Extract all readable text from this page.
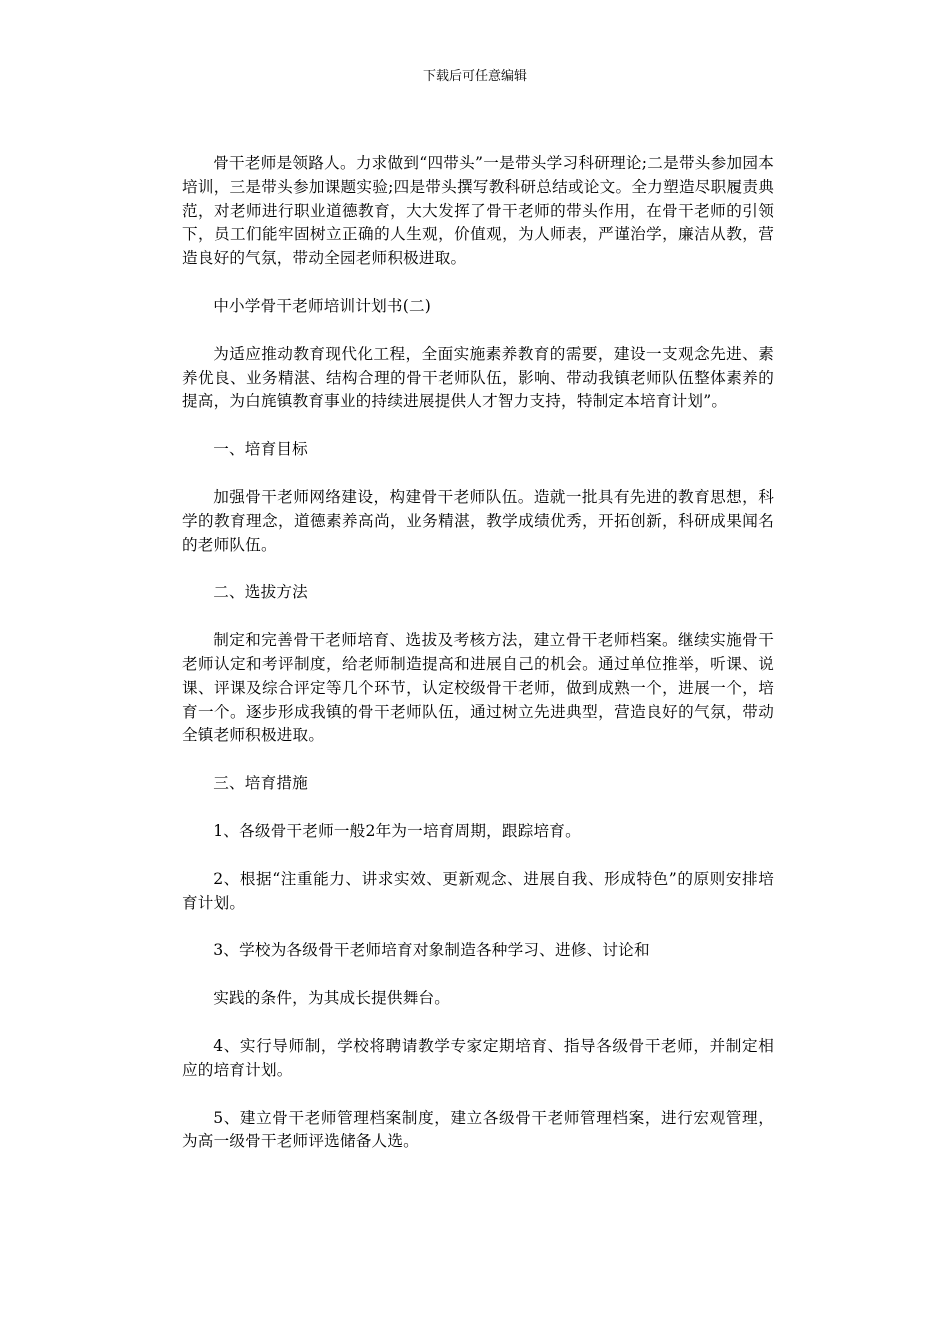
下载后可任意编辑

骨干老师是领路人。力求做到“四带头”一是带头学习科研理论;二是带头参加园本培训，三是带头参加课题实验;四是带头撰写教科研总结或论文。全力塑造尽职履责典范，对老师进行职业道德教育，大大发挥了骨干老师的带头作用，在骨干老师的引领下，员工们能牢固树立正确的人生观，价值观，为人师表，严谨治学，廉洁从教，营造良好的气氛，带动全园老师积极进取。

中小学骨干老师培训计划书(二)

为适应推动教育现代化工程，全面实施素养教育的需要，建设一支观念先进、素养优良、业务精湛、结构合理的骨干老师队伍，影响、带动我镇老师队伍整体素养的提高，为白旄镇教育事业的持续进展提供人才智力支持，特制定本培育计划”。

一、培育目标

加强骨干老师网络建设，构建骨干老师队伍。造就一批具有先进的教育思想，科学的教育理念，道德素养高尚，业务精湛，教学成绩优秀，开拓创新，科研成果闻名的老师队伍。

二、选拔方法

制定和完善骨干老师培育、选拔及考核方法，建立骨干老师档案。继续实施骨干老师认定和考评制度，给老师制造提高和进展自己的机会。通过单位推举，听课、说课、评课及综合评定等几个环节，认定校级骨干老师，做到成熟一个，进展一个，培育一个。逐步形成我镇的骨干老师队伍，通过树立先进典型，营造良好的气氛，带动全镇老师积极进取。

三、培育措施

1、各级骨干老师一般2年为一培育周期，跟踪培育。

2、根据“注重能力、讲求实效、更新观念、进展自我、形成特色”的原则安排培育计划。

3、学校为各级骨干老师培育对象制造各种学习、进修、讨论和

实践的条件，为其成长提供舞台。

4、实行导师制，学校将聘请教学专家定期培育、指导各级骨干老师，并制定相应的培育计划。

5、建立骨干老师管理档案制度，建立各级骨干老师管理档案，进行宏观管理，为高一级骨干老师评选储备人选。
